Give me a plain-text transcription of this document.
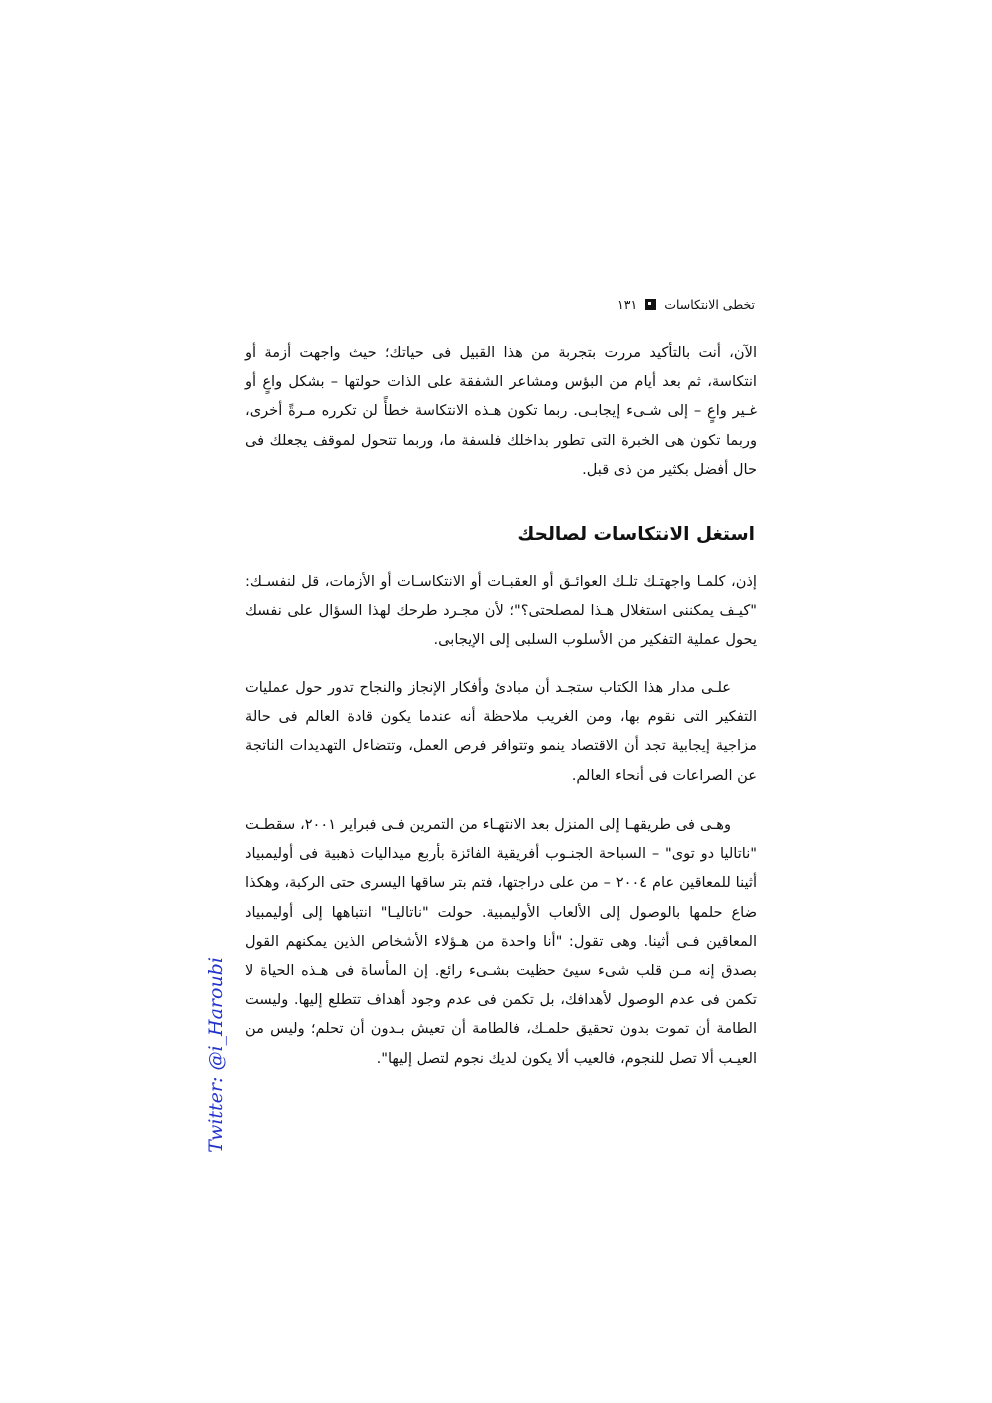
تخطى الانتكاسات
١٣١

الآن، أنت بالتأكيد مررت بتجربة من هذا القبيل فى حياتك؛ حيث واجهت أزمة أو انتكاسة، ثم بعد أيام من البؤس ومشاعر الشفقة على الذات حولتها – بشكل واعٍ أو غـير واعٍ – إلى شـىء إيجابـى. ربما تكون هـذه الانتكاسة خطأً لن تكرره مـرةً أخرى، وربما تكون هى الخبرة التى تطور بداخلك فلسفة ما، وربما تتحول لموقف يجعلك فى حال أفضل بكثير من ذى قبل.

استغل الانتكاسات لصالحك

إذن، كلمـا واجهتـك تلـك العوائـق أو العقبـات أو الانتكاسـات أو الأزمات، قل لنفسـك: "كيـف يمكننى استغلال هـذا لمصلحتى؟"؛ لأن مجـرد طرحك لهذا السؤال على نفسك يحول عملية التفكير من الأسلوب السلبى إلى الإيجابى.

علـى مدار هذا الكتاب ستجـد أن مبادئ وأفكار الإنجاز والنجاح تدور حول عمليات التفكير التى نقوم بها، ومن الغريب ملاحظة أنه عندما يكون قادة العالم فى حالة مزاجية إيجابية تجد أن الاقتصاد ينمو وتتوافر فرص العمل، وتتضاءل التهديدات الناتجة عن الصراعات فى أنحاء العالم.

وهـى فى طريقهـا إلى المنزل بعد الانتهـاء من التمرين فـى فبراير ٢٠٠١، سقطـت "ناتاليا دو توى" – السباحة الجنـوب أفريقية الفائزة بأربع ميداليات ذهبية فى أوليمبياد أثينا للمعاقين عام ٢٠٠٤ – من على دراجتها، فتم بتر ساقها اليسرى حتى الركبة، وهكذا ضاع حلمها بالوصول إلى الألعاب الأوليمبية. حولت "ناتاليـا" انتباهها إلى أوليمبياد المعاقين فـى أثينا. وهى تقول: "أنا واحدة من هـؤلاء الأشخاص الذين يمكنهم القول بصدق إنه مـن قلب شىء سيئ حظيت بشـىء رائع. إن المأساة فى هـذه الحياة لا تكمن فى عدم الوصول لأهدافك، بل تكمن فى عدم وجود أهداف تتطلع إليها. وليست الطامة أن تموت بدون تحقيق حلمـك، فالطامة أن تعيش بـدون أن تحلم؛ وليس من العيـب ألا تصل للنجوم، فالعيب ألا يكون لديك نجوم لتصل إليها".

Twitter: @i_Haroubi
